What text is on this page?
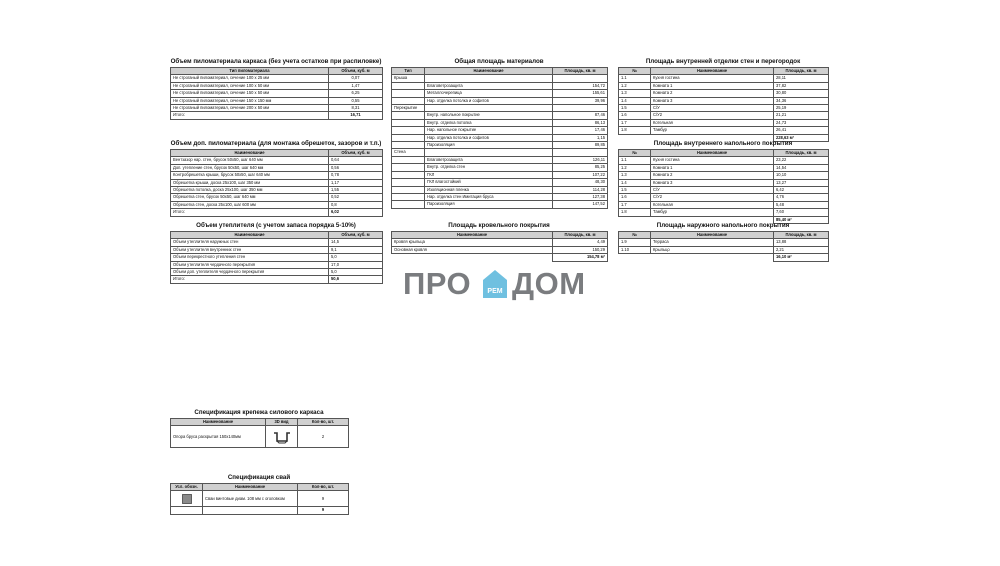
Объем пиломатериала каркаса (без учета остатков при распиловке)
Тип пиломатериала	Объем, куб. м
Не строганый пиломатериал, сечение 100 x 25 мм	0,07
Не строганый пиломатериал, сечение 100 x 50 мм	1,47
Не строганый пиломатериал, сечение 150 x 50 мм	6,25
Не строганый пиломатериал, сечение 150 x 150 мм	0,55
Не строганый пиломатериал, сечение 200 x 50 мм	8,31
Итого:	16,71
Объем доп. пиломатериала (для монтажа обрешеток, зазоров и т.п.)
Наименование	Объем, куб. м
Вентзазор нар. стен, брусок 50x50, шаг 640 мм	0,64
Доп. утепление стен, брусок 50x50, шаг 640 мм	0,56
Контробрешетка крыши, брусок 50x50, шаг 640 мм	0,78
Обрешетка крыши, доска 25x100, шаг 350 мм	1,17
Обрешетка потолка, доска 25x100, шаг 350 мм	1,55
Обрешетка стен, брусок 50x50, шаг 640 мм	0,52
Обрешетка стен, доска 25x100, шаг 600 мм	0,8
Итого:	6,02
Объем утеплителя (с учетом запаса порядка 5-10%)
Наименование	Объем, куб. м
Объем утеплителя наружных стен	14,5
Объем утеплителя внутренних стен	9,1
Объем перекрестного утепления стен	5,0
Объем утеплителя чердачного перекрытия	17,0
Объем доп. утеплителя чердачного перекрытия	5,0
Итого:	50,6
Общая площадь материалов
Тип	Наименование	Площадь, кв. м
Крыша		
	Влаговетрозащита	154,72
	Металлочерепица	155,61
	Нар. отделка потолка и софитов	39,96
Перекрытие		
	Внутр. напольное покрытие	87,46
	Внутр. отделка потолка	86,13
	Нар. напольное покрытие	17,46
	Нар. отделка потолка и софитов	1,15
	Пароизоляция	89,85
Стена		
	Влаговетрозащита	126,11
	Внутр. отделка стен	85,25
	ГКЛ	107,22
	ГКЛ влагостойкий	48,30
	Изоляционная пленка	114,28
	Нар. отделка стен Имитация бруса	127,38
	Пароизоляция	147,52
Площадь кровельного покрытия
Наименование	Площадь, кв. м
Кровля крыльца	4,49
Основная кровля	150,29
	154,78 м²
Площадь внутренней отделки стен и перегородок
№	Наименование	Площадь, кв. м
1.1	Кухня гостина	28,11
1.2	Комната 1	37,82
1.3	Комната 2	30,80
1.4	Комната 3	34,36
1.5	С/У	25,19
1.6	С/У2	21,21
1.7	Котельная	24,73
1.8	Тамбур	26,41
		228,63 м²
Площадь внутреннего напольного покрытия
№	Наименование	Площадь, кв. м
1.1	Кухня гостина	23,22
1.2	Комната 1	14,54
1.3	Комната 2	10,10
1.4	Комната 3	13,27
1.5	С/У	6,42
1.6	С/У2	4,76
1.7	Котельная	5,48
1.8	Тамбур	7,60
		85,40 м²
Площадь наружного напольного покрытия
№	Наименование	Площадь, кв. м
1.9	Терраса	13,88
1.10	Крыльцо	2,21
		16,10 м²
ПРО	РЕМ ДОМ
Спецификация крепежа силового каркаса
Наименование	3D вид	Кол-во, шт.
Опора бруса раскрытая 150x140мм		2
Спецификация свай
Усл. обозн.	Наименование	Кол-во, шт.

	Сваи винтовые диам. 108 мм с оголовком	9
		9
